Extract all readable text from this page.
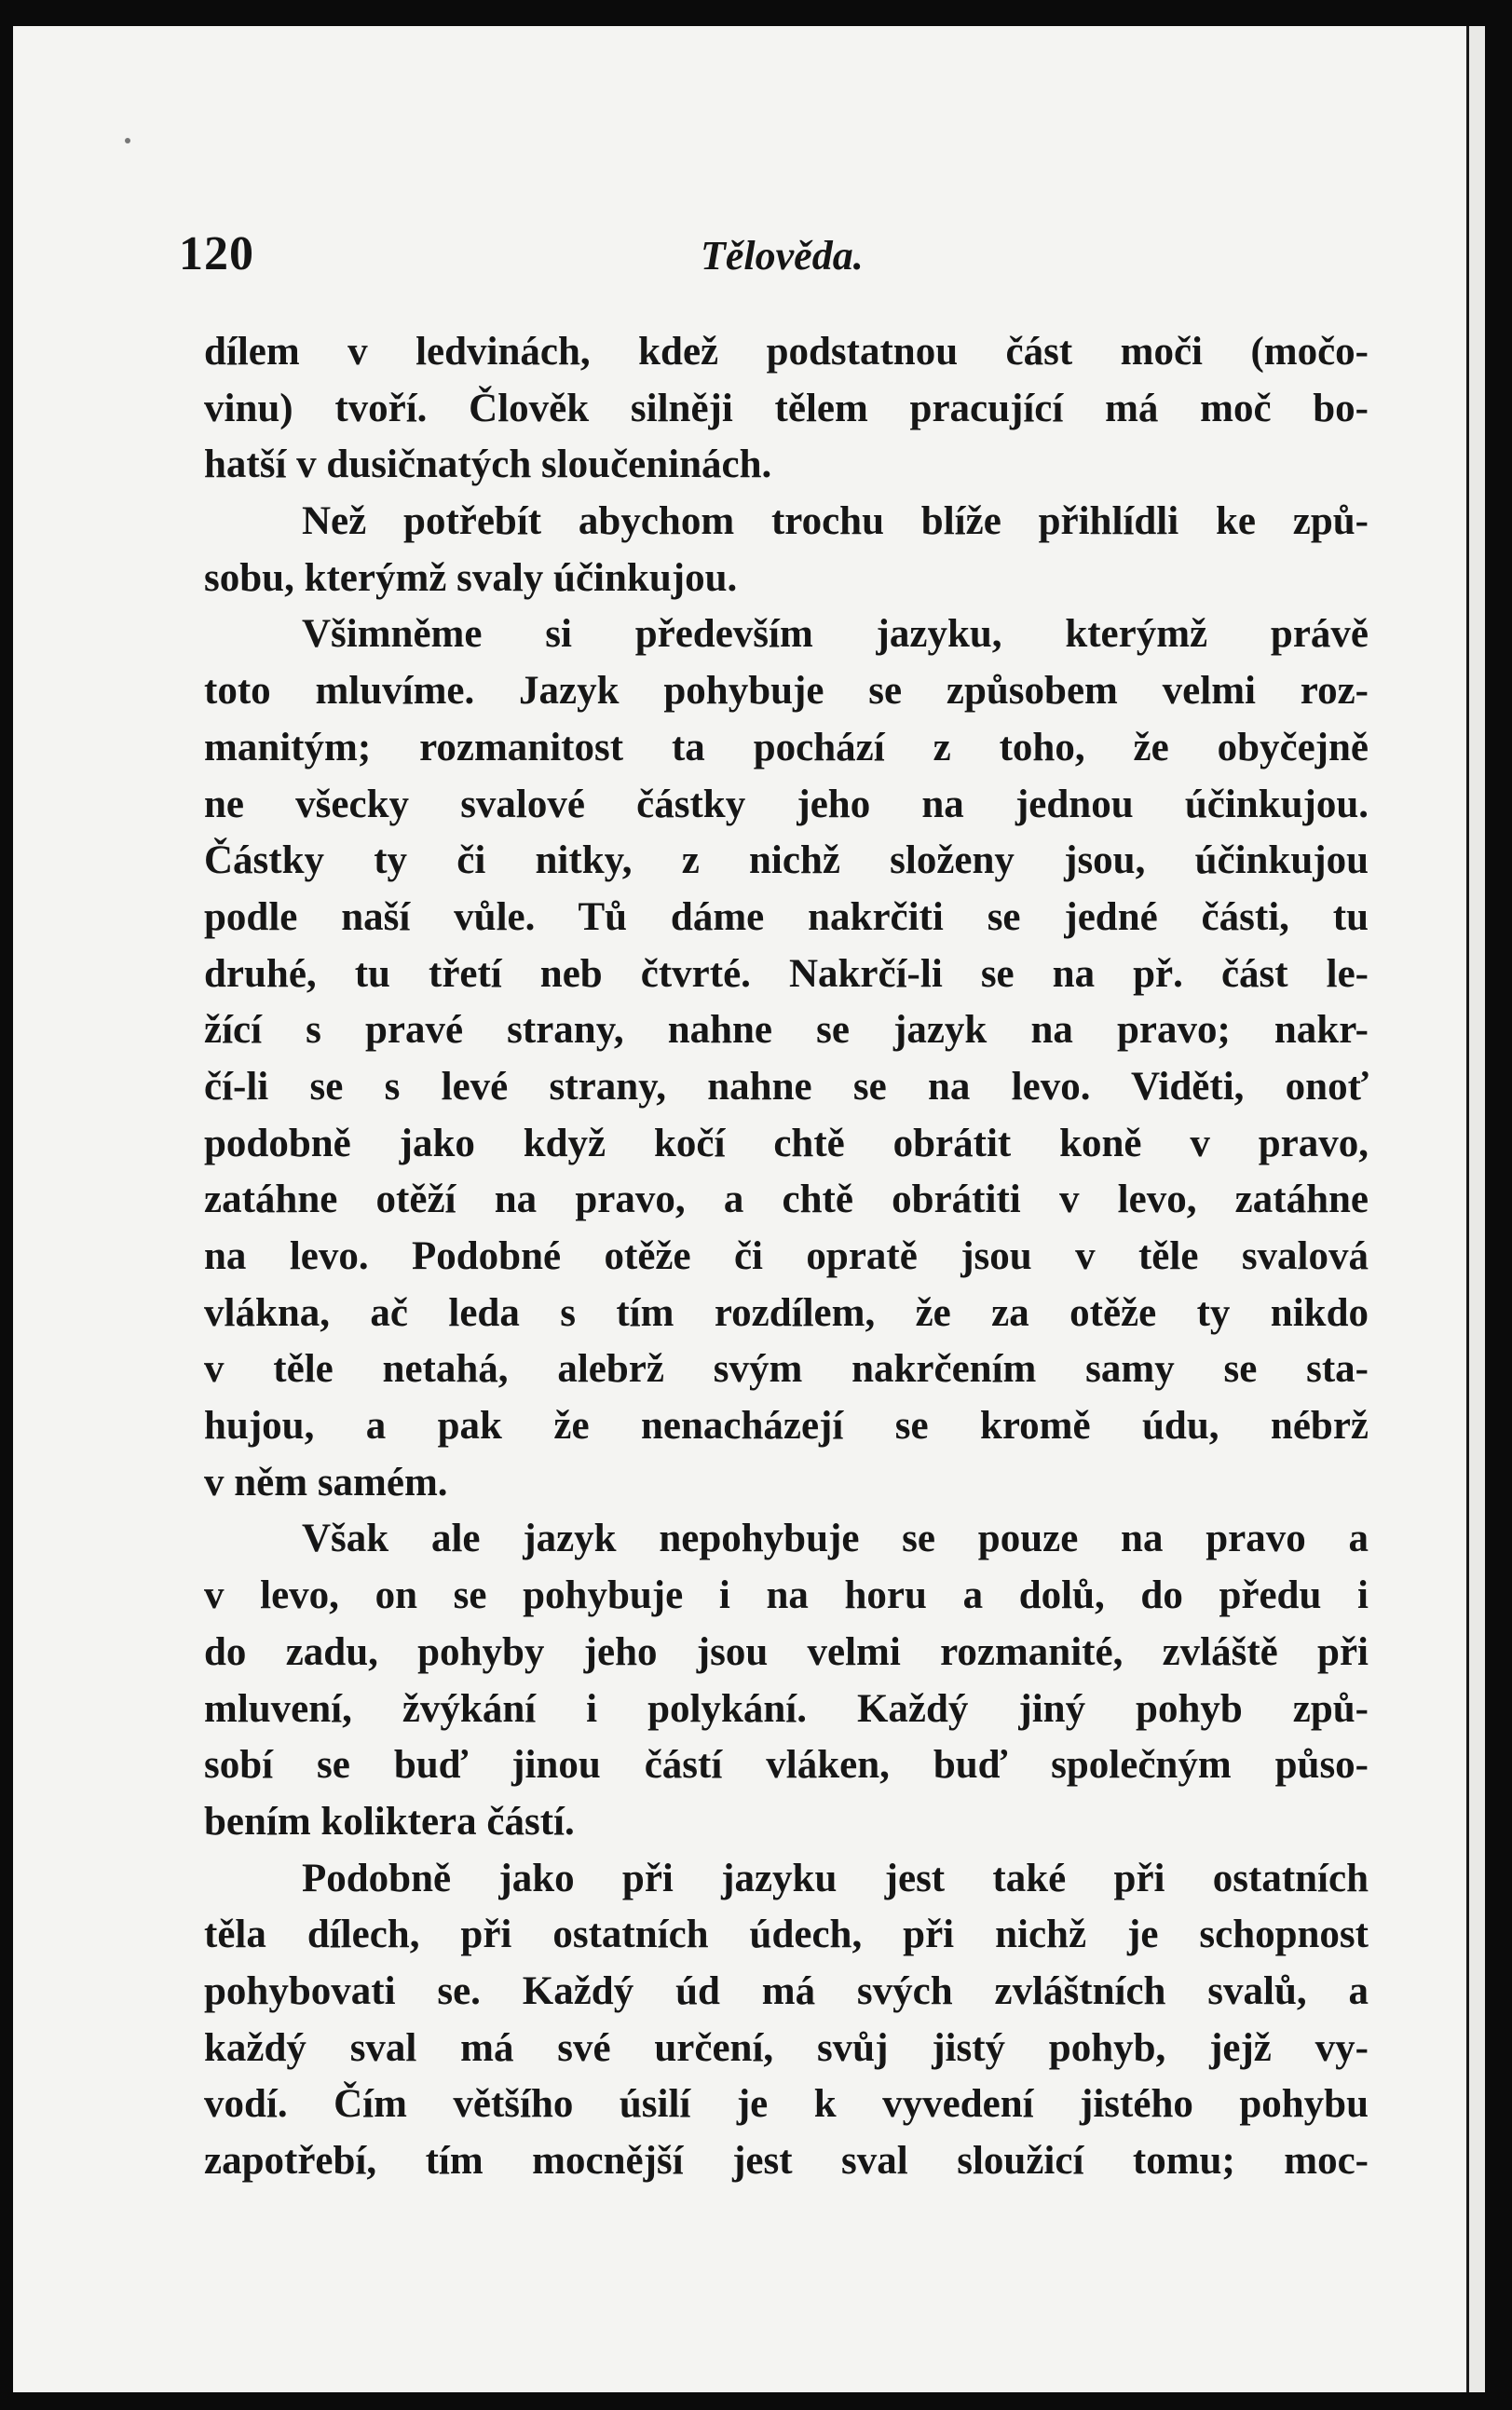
120	Tělověda.
dílem v ledvinách, kdež podstatnou část moči (močo-
vinu) tvoří. Člověk silněji tělem pracující má moč bo-
hatší v dusičnatých sloučeninách.
Než potřebít abychom trochu blíže přihlídli ke způ-
sobu, kterýmž svaly účinkujou.
Všimněme si především jazyku, kterýmž právě
toto mluvíme. Jazyk pohybuje se způsobem velmi roz-
manitým; rozmanitost ta pochází z toho, že obyčejně
ne všecky svalové částky jeho na jednou účinkujou.
Částky ty či nitky, z nichž složeny jsou, účinkujou
podle naší vůle. Tů dáme nakrčiti se jedné části, tu
druhé, tu třetí neb čtvrté. Nakrčí-li se na př. část le-
žící s pravé strany, nahne se jazyk na pravo; nakr-
čí-li se s levé strany, nahne se na levo. Viděti, onoť
podobně jako když kočí chtě obrátit koně v pravo,
zatáhne otěží na pravo, a chtě obrátiti v levo, zatáhne
na levo. Podobné otěže či opratě jsou v těle svalová
vlákna, ač leda s tím rozdílem, že za otěže ty nikdo
v těle netahá, alebrž svým nakrčením samy se sta-
hujou, a pak že nenacházejí se kromě údu, nébrž
v něm samém.
Však ale jazyk nepohybuje se pouze na pravo a
v levo, on se pohybuje i na horu a dolů, do předu i
do zadu, pohyby jeho jsou velmi rozmanité, zvláště při
mluvení, žvýkání i polykání. Každý jiný pohyb způ-
sobí se buď jinou částí vláken, buď společným půso-
bením koliktera částí.
Podobně jako při jazyku jest také při ostatních
těla dílech, při ostatních údech, při nichž je schopnost
pohybovati se. Každý úd má svých zvláštních svalů, a
každý sval má své určení, svůj jistý pohyb, jejž vy-
vodí. Čím většího úsilí je k vyvedení jistého pohybu
zapotřebí, tím mocnější jest sval sloužicí tomu; moc-
